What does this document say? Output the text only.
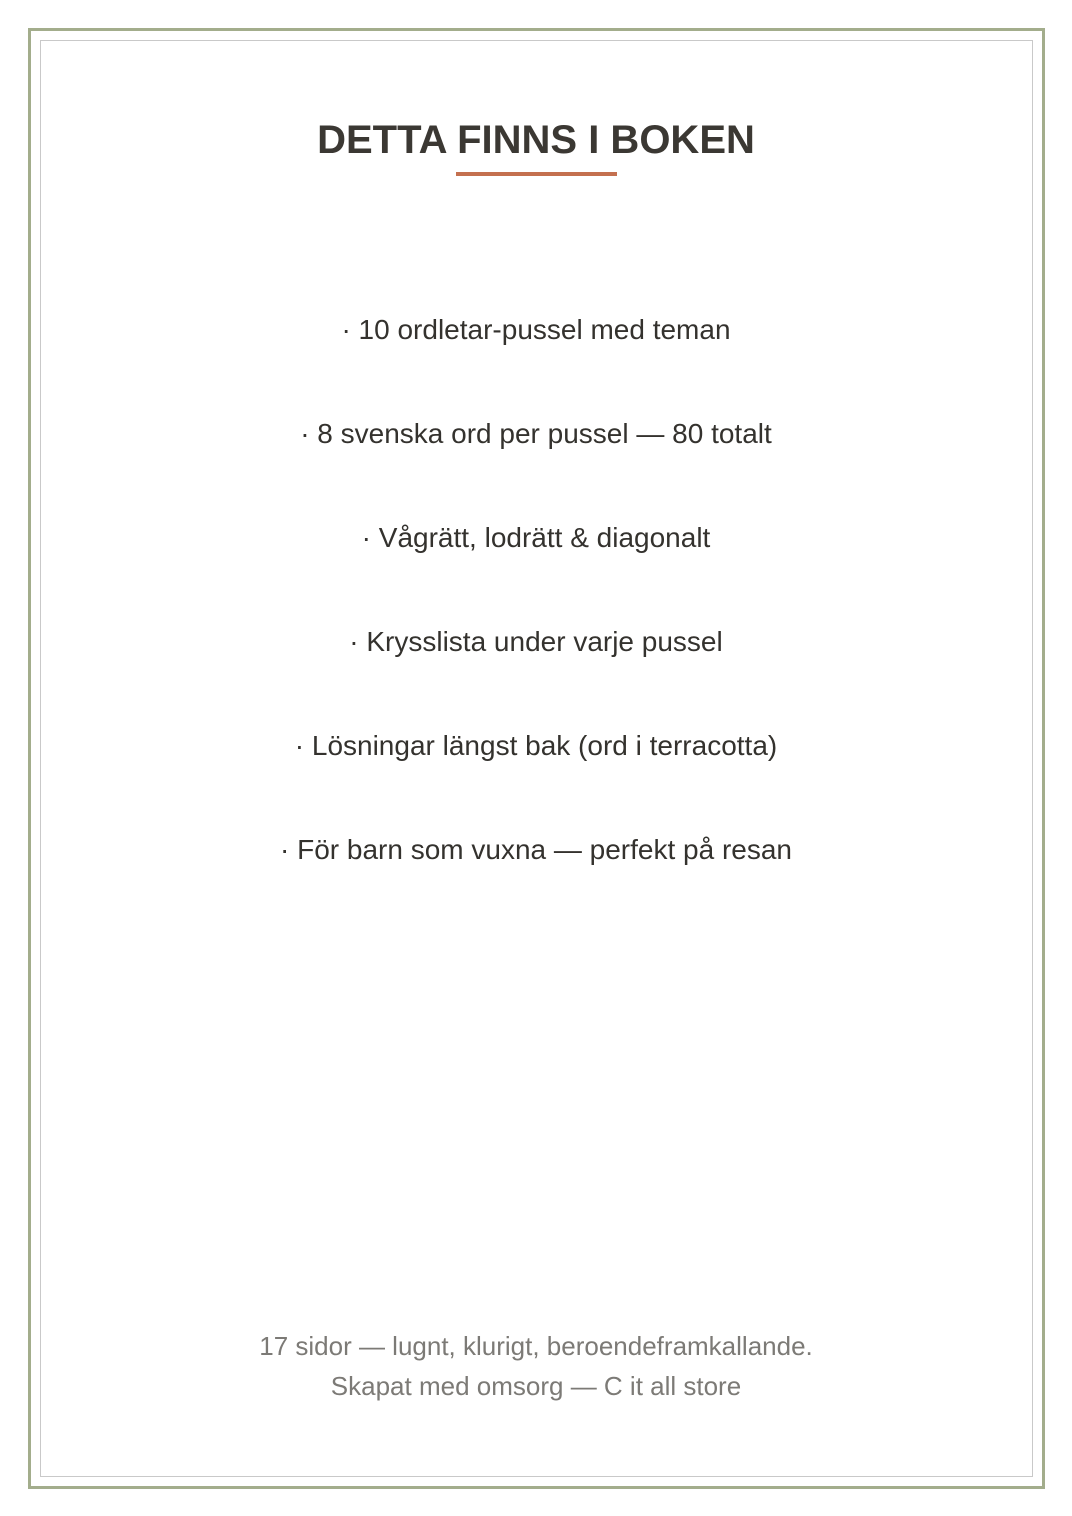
DETTA FINNS I BOKEN
· 10 ordletar-pussel med teman
· 8 svenska ord per pussel — 80 totalt
· Vågrätt, lodrätt & diagonalt
· Krysslista under varje pussel
· Lösningar längst bak (ord i terracotta)
· För barn som vuxna — perfekt på resan
17 sidor — lugnt, klurigt, beroendeframkallande.
Skapat med omsorg — C it all store
